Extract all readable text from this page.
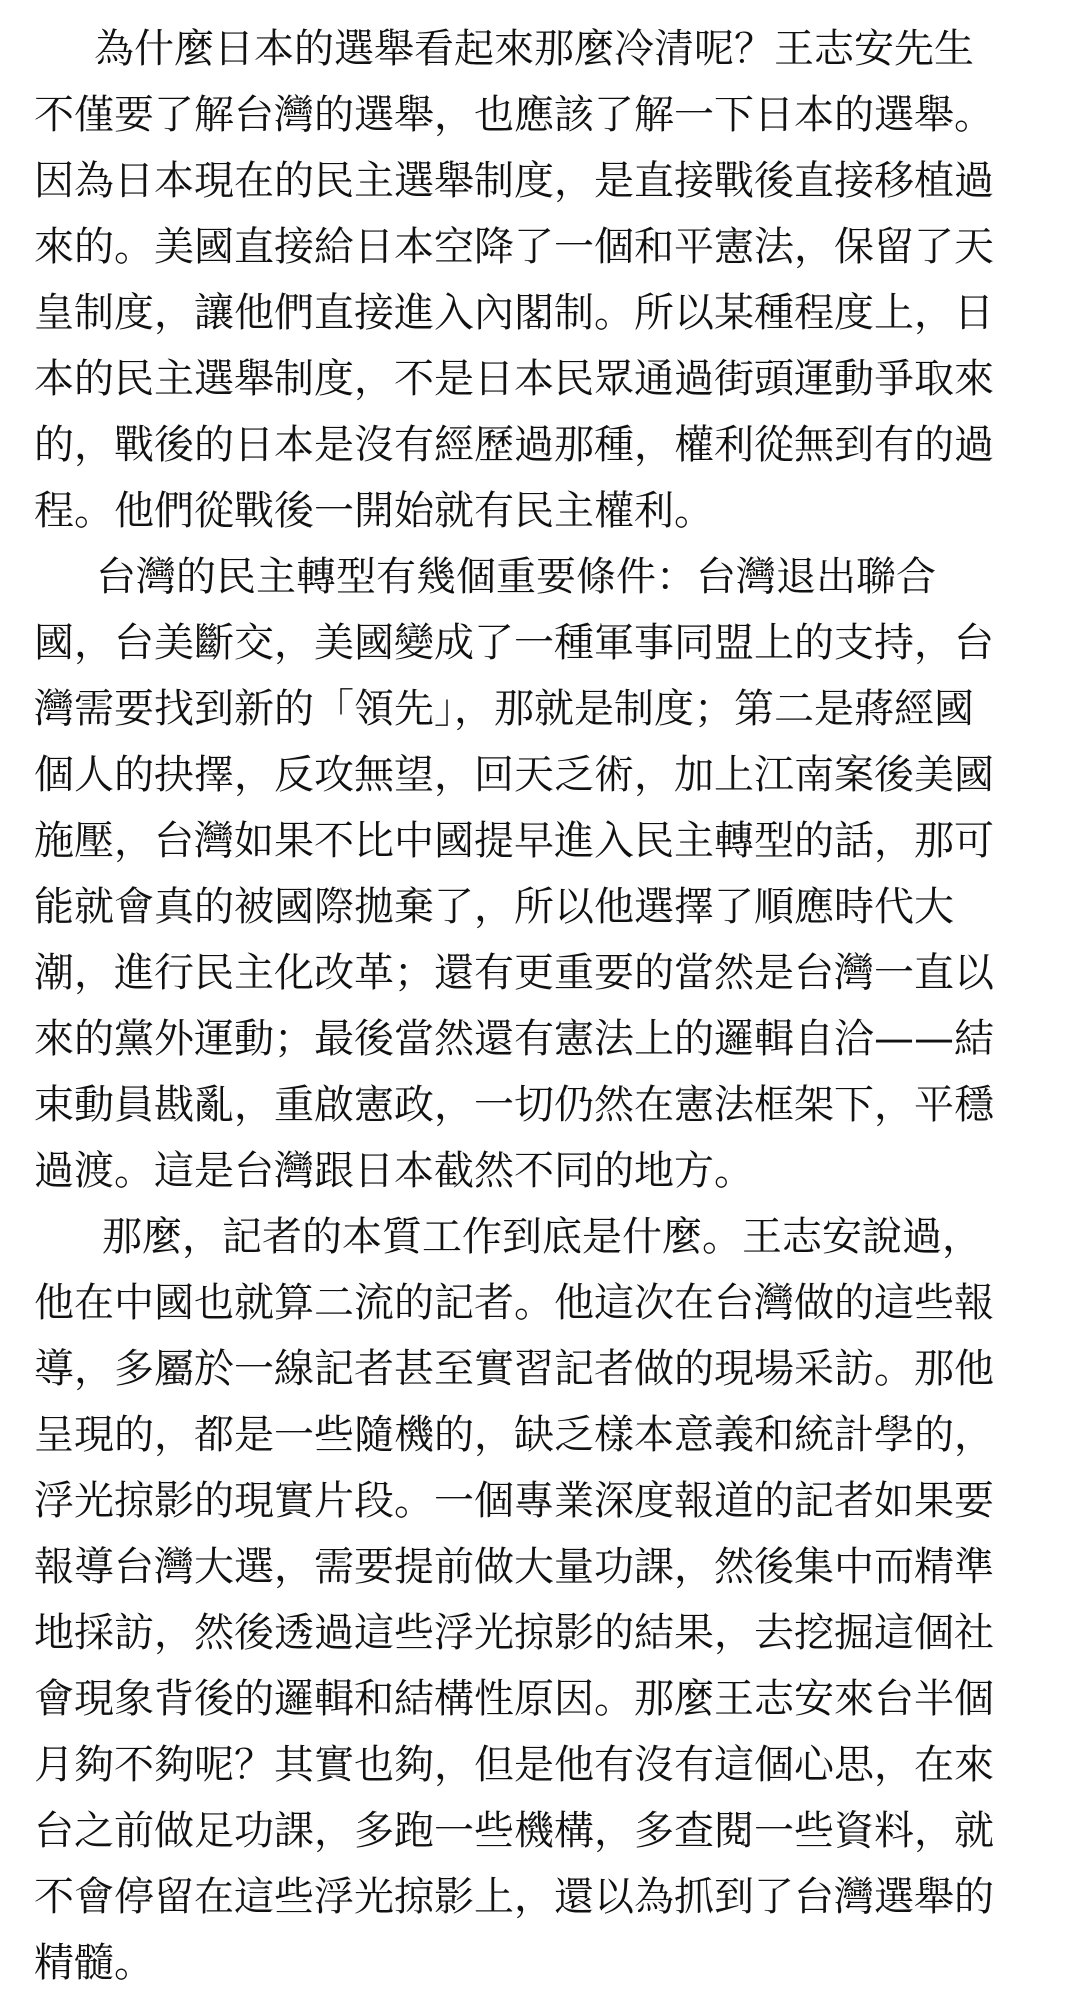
為什麼日本的選舉看起來那麼冷清呢？王志安先生
不僅要了解台灣的選舉，也應該了解一下日本的選舉。
因為日本現在的民主選舉制度，是直接戰後直接移植過
來的。美國直接給日本空降了一個和平憲法，保留了天
皇制度，讓他們直接進入內閣制。所以某種程度上，日
本的民主選舉制度，不是日本民眾通過街頭運動爭取來
的，戰後的日本是沒有經歷過那種，權利從無到有的過
程。他們從戰後一開始就有民主權利。
台灣的民主轉型有幾個重要條件：台灣退出聯合
國，台美斷交，美國變成了一種軍事同盟上的支持，台
灣需要找到新的「領先」，那就是制度；第二是蔣經國
個人的抉擇，反攻無望，回天乏術，加上江南案後美國
施壓，台灣如果不比中國提早進入民主轉型的話，那可
能就會真的被國際拋棄了，所以他選擇了順應時代大
潮，進行民主化改革；還有更重要的當然是台灣一直以
來的黨外運動；最後當然還有憲法上的邏輯自洽——結
束動員戡亂，重啟憲政，一切仍然在憲法框架下，平穩
過渡。這是台灣跟日本截然不同的地方。
那麼，記者的本質工作到底是什麼。王志安說過，
他在中國也就算二流的記者。他這次在台灣做的這些報
導，多屬於一線記者甚至實習記者做的現場采訪。那他
呈現的，都是一些隨機的，缺乏樣本意義和統計學的，
浮光掠影的現實片段。一個專業深度報道的記者如果要
報導台灣大選，需要提前做大量功課，然後集中而精準
地採訪，然後透過這些浮光掠影的結果，去挖掘這個社
會現象背後的邏輯和結構性原因。那麼王志安來台半個
月夠不夠呢？其實也夠，但是他有沒有這個心思，在來
台之前做足功課，多跑一些機構，多查閱一些資料，就
不會停留在這些浮光掠影上，還以為抓到了台灣選舉的
精髓。
